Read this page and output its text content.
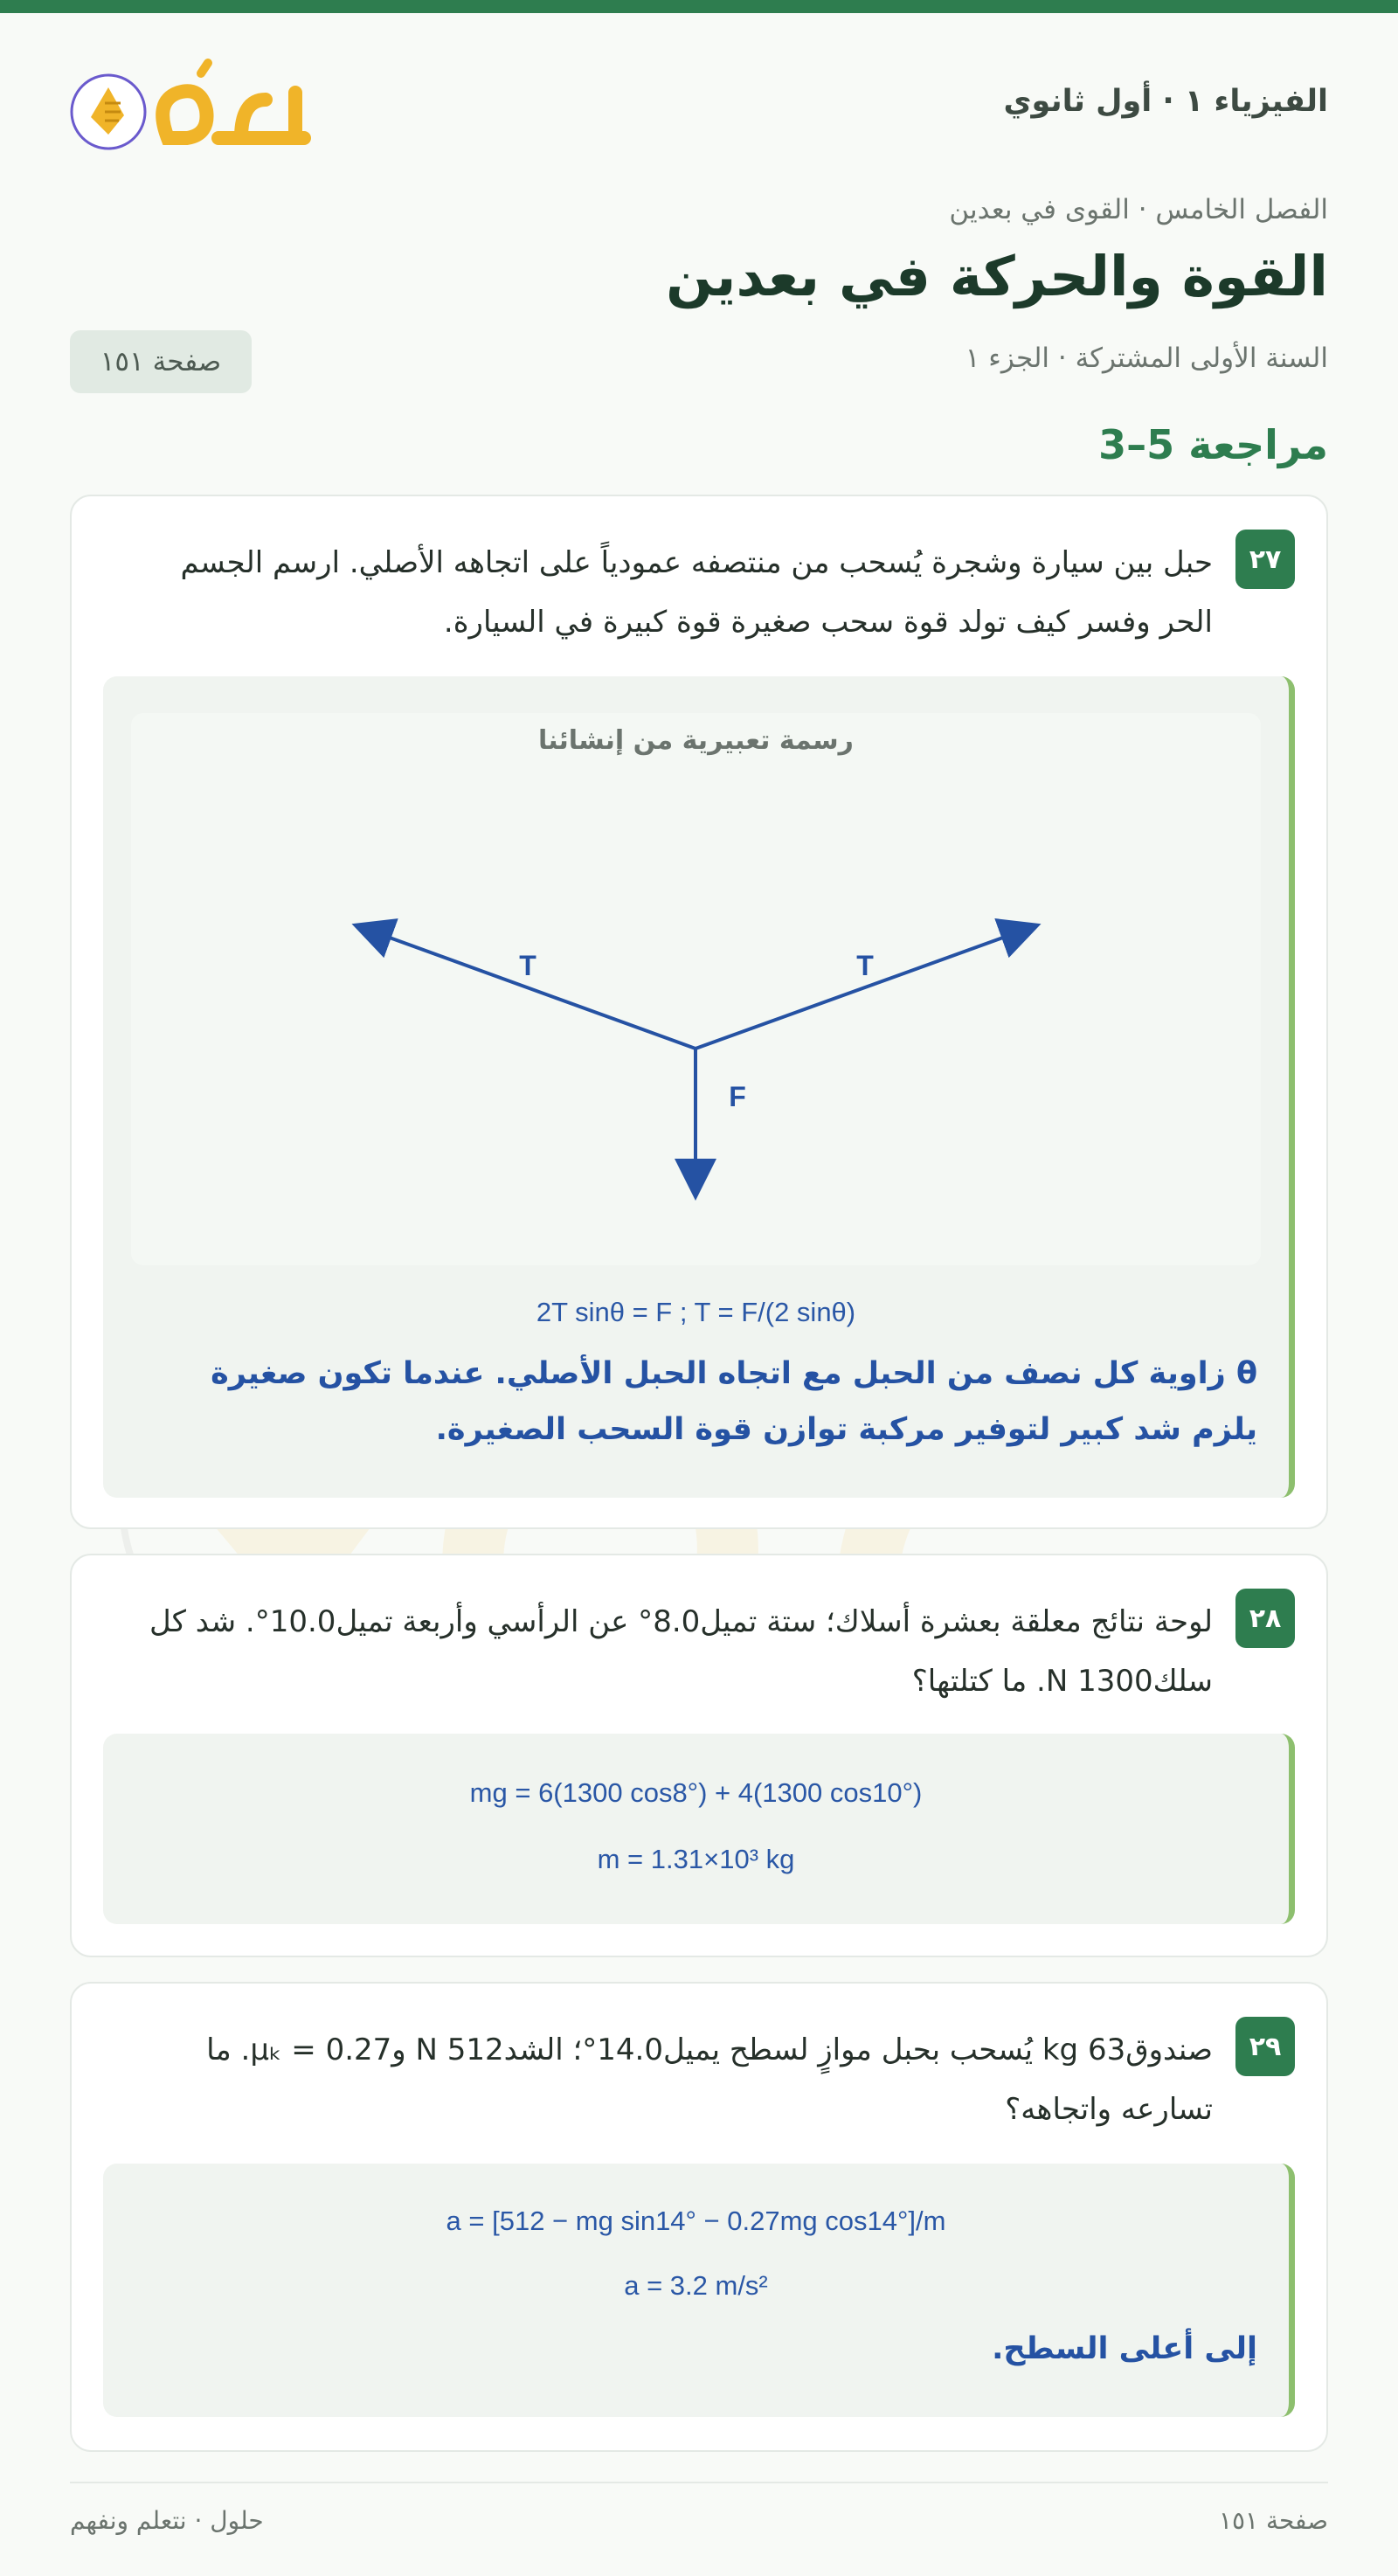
الفيزياء ١ · أول ثانوي
الفصل الخامس · القوى في بعدين
القوة والحركة في بعدين
السنة الأولى المشتركة · الجزء ١
صفحة ١٥١
مراجعة 5–3
٢٧
حبل بين سيارة وشجرة يُسحب من منتصفه عمودياً على اتجاهه الأصلي. ارسم الجسم الحر وفسر كيف تولد قوة سحب صغيرة قوة كبيرة في السيارة.
رسمة تعبيرية من إنشائنا
T	T
F
2T sinθ = F ; T = F/(2 sinθ)
θ زاوية كل نصف من الحبل مع اتجاه الحبل الأصلي. عندما تكون صغيرة يلزم شد كبير لتوفير مركبة توازن قوة السحب الصغيرة.
٢٨
لوحة نتائج معلقة بعشرة أسلاك؛ ستة تميل8.0° عن الرأسي وأربعة تميل10.0°. شد كل سلك1300 N. ما كتلتها؟
mg = 6(1300 cos8°) + 4(1300 cos10°)
m = 1.31×10³ kg
٢٩
صندوق63 kg يُسحب بحبل موازٍ لسطح يميل14.0°؛ الشد512 N و0.27 = μₖ. ما تسارعه واتجاهه؟
a = [512 − mg sin14° − 0.27mg cos14°]/m
a = 3.2 m/s²
إلى أعلى السطح.
صفحة ١٥١
حلول · نتعلم ونفهم
